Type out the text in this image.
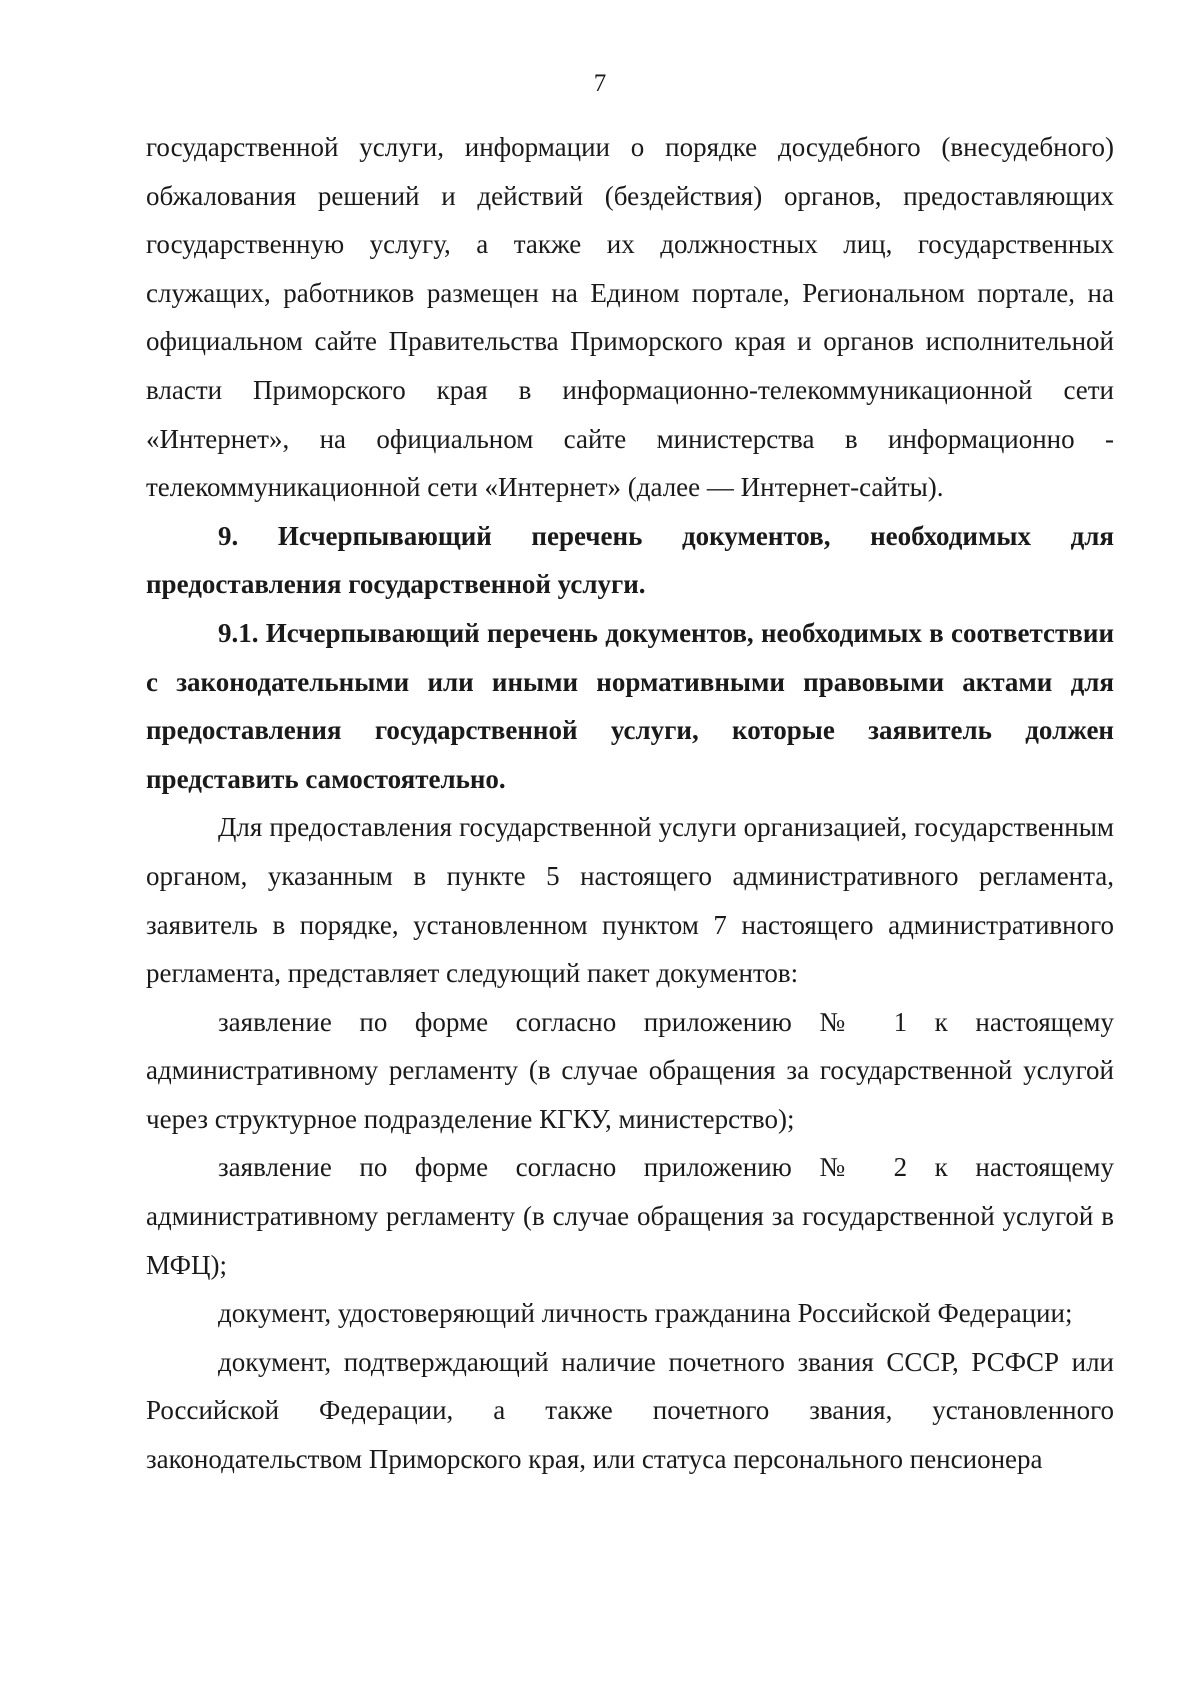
7

государственной услуги, информации о порядке досудебного (внесудебного) обжалования решений и действий (бездействия) органов, предоставляющих государственную услугу, а также их должностных лиц, государственных служащих, работников размещен на Едином портале, Региональном портале, на официальном сайте Правительства Приморского края и органов исполнительной власти Приморского края в информационно-телекоммуникационной сети «Интернет», на официальном сайте министерства в информационно - телекоммуникационной сети «Интернет» (далее — Интернет-сайты).

9. Исчерпывающий перечень документов, необходимых для предоставления государственной услуги.

9.1. Исчерпывающий перечень документов, необходимых в соответствии с законодательными или иными нормативными правовыми актами для предоставления государственной услуги, которые заявитель должен представить самостоятельно.

Для предоставления государственной услуги организацией, государственным органом, указанным в пункте 5 настоящего административного регламента, заявитель в порядке, установленном пунктом 7 настоящего административного регламента, представляет следующий пакет документов:

заявление по форме согласно приложению № 1 к настоящему административному регламенту (в случае обращения за государственной услугой через структурное подразделение КГКУ, министерство);

заявление по форме согласно приложению № 2 к настоящему административному регламенту (в случае обращения за государственной услугой в МФЦ);

документ, удостоверяющий личность гражданина Российской Федерации;

документ, подтверждающий наличие почетного звания СССР, РСФСР или Российской Федерации, а также почетного звания, установленного законодательством Приморского края, или статуса персонального пенсионера
